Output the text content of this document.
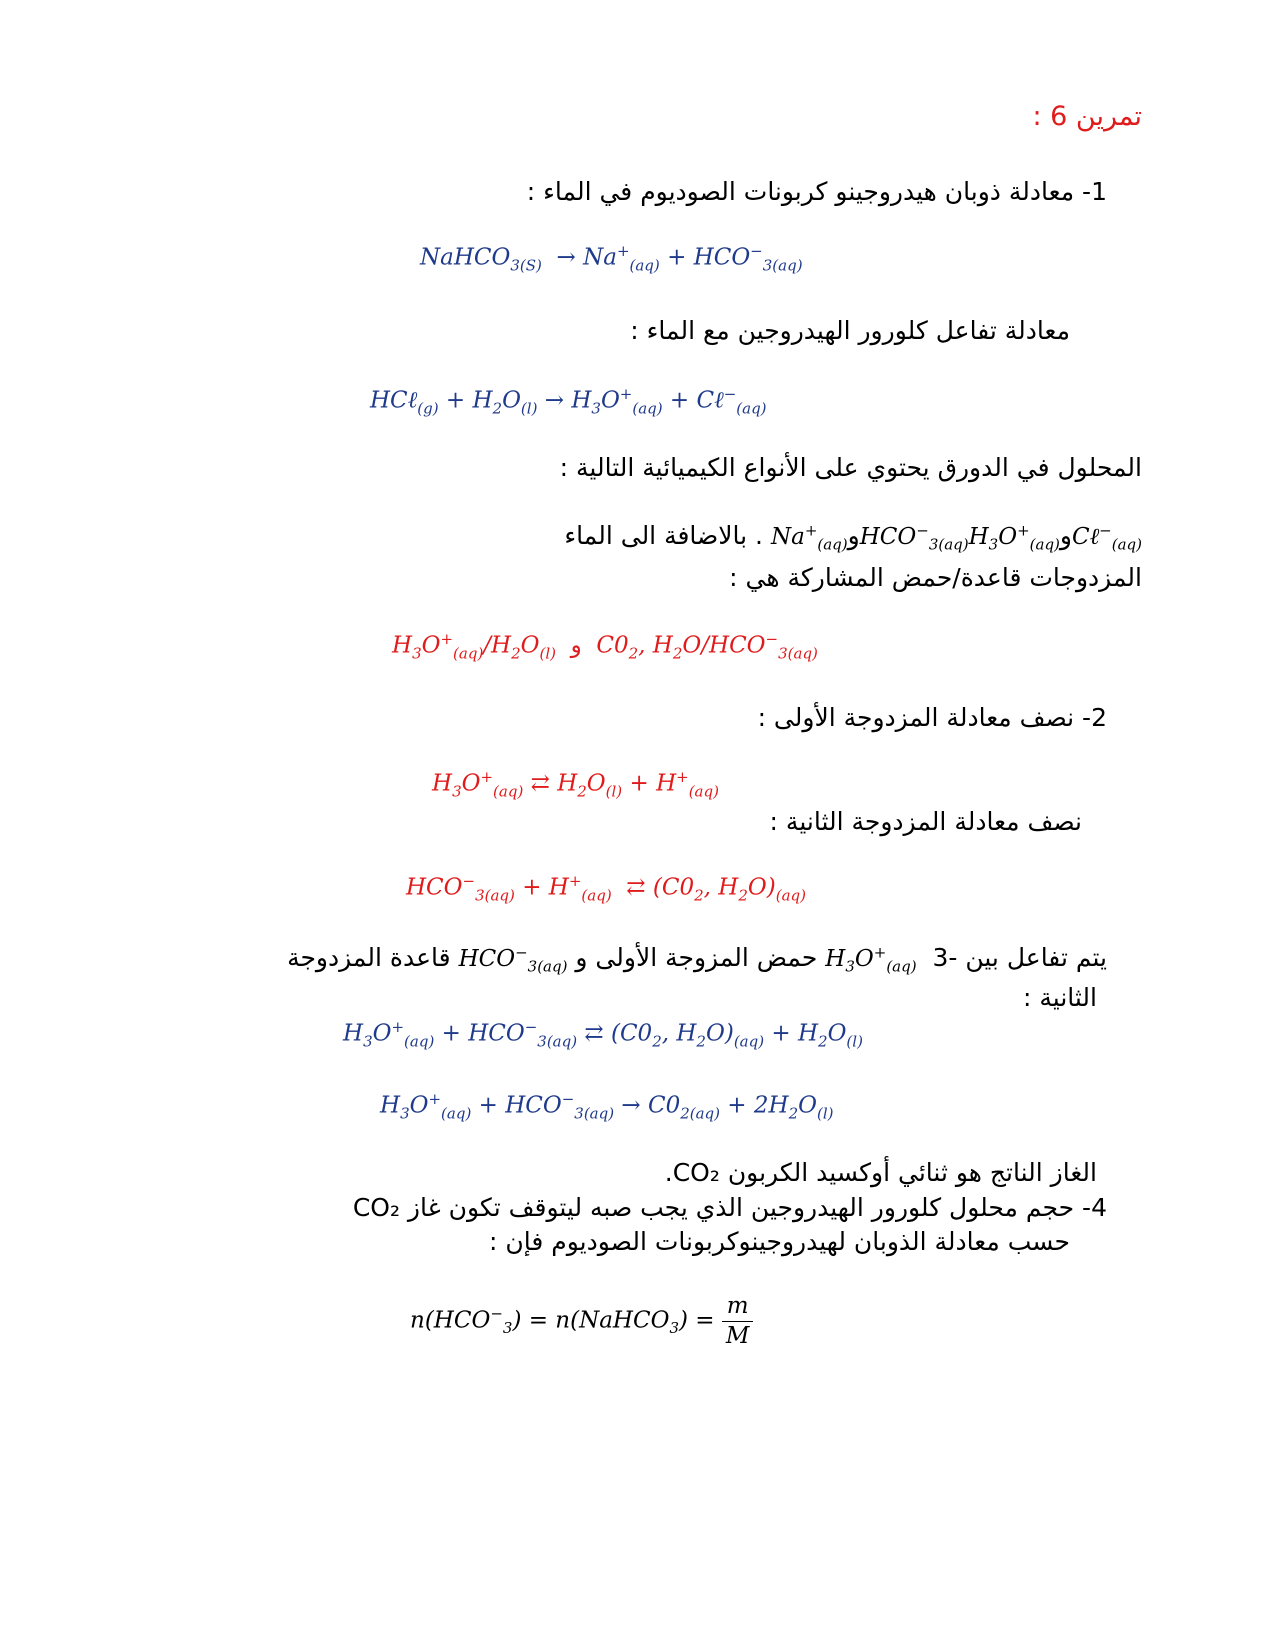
تمرين 6 :
1- معادلة ذوبان هيدروجينو كربونات الصوديوم في الماء :
NaHCO$_{3(S)}$  → $Na^+_{(aq)} + HCO^-_{3(aq)}$
معادلة تفاعل كلورور الهيدروجين مع الماء :
HCℓ$_{(g)}$ + $H_2O_{(l)} \to H_3O^+_{(aq)}$ + Cℓ−$_{(aq)}$
المحلول في الدورق يحتوي على الأنواع الكيميائية التالية :
بالاضافة الى الماء . $Na^+_{(aq)}وHCO^-_{3(aq)}H_3O^+_{(aq)}وC\ell^-_{(aq)}$
المزدوجات قاعدة/حمض المشاركة هي :
$H_3O^+_{(aq)}/H_2O_{(l)}$ و  $C0_2$, $H_2O/HCO^-_{3(aq)}$
2- نصف معادلة المزدوجة الأولى :
$H_3O^+_{(aq)}$ ⇄ $H_2O_{(l)} + H^+_{(aq)}$
نصف معادلة المزدوجة الثانية :
$HCO^-_{3(aq)} + H^+_{(aq)}$  ⇄ ($C0_2$, $H_2O)_{(aq)}$
قاعدة المزدوجة $HCO^-_{3(aq)}$ حمض المزوجة الأولى و $H_3O^+_{(aq)}$ 3- يتم تفاعل بين
الثانية :
$H_3O^+_{(aq)} + HCO^-_{3(aq)}$ ⇄ ($C0_2$, $H_2O)_{(aq)} + H_2O_{(l)}$
$H_3O^+_{(aq)} + HCO^-_{3(aq)} \to C0_{2(aq)} + 2H_2O_{(l)}$
الغاز الناتج هو ثنائي أوكسيد الكربون CO₂.
4- حجم محلول كلورور الهيدروجين الذي يجب صبه ليتوقف تكون غاز CO₂
حسب معادلة الذوبان لهيدروجينوكربونات الصوديوم فإن :
$n(HCO^-_3)$ = n(NaHCO$_3$) = $\frac{m}{M}$
